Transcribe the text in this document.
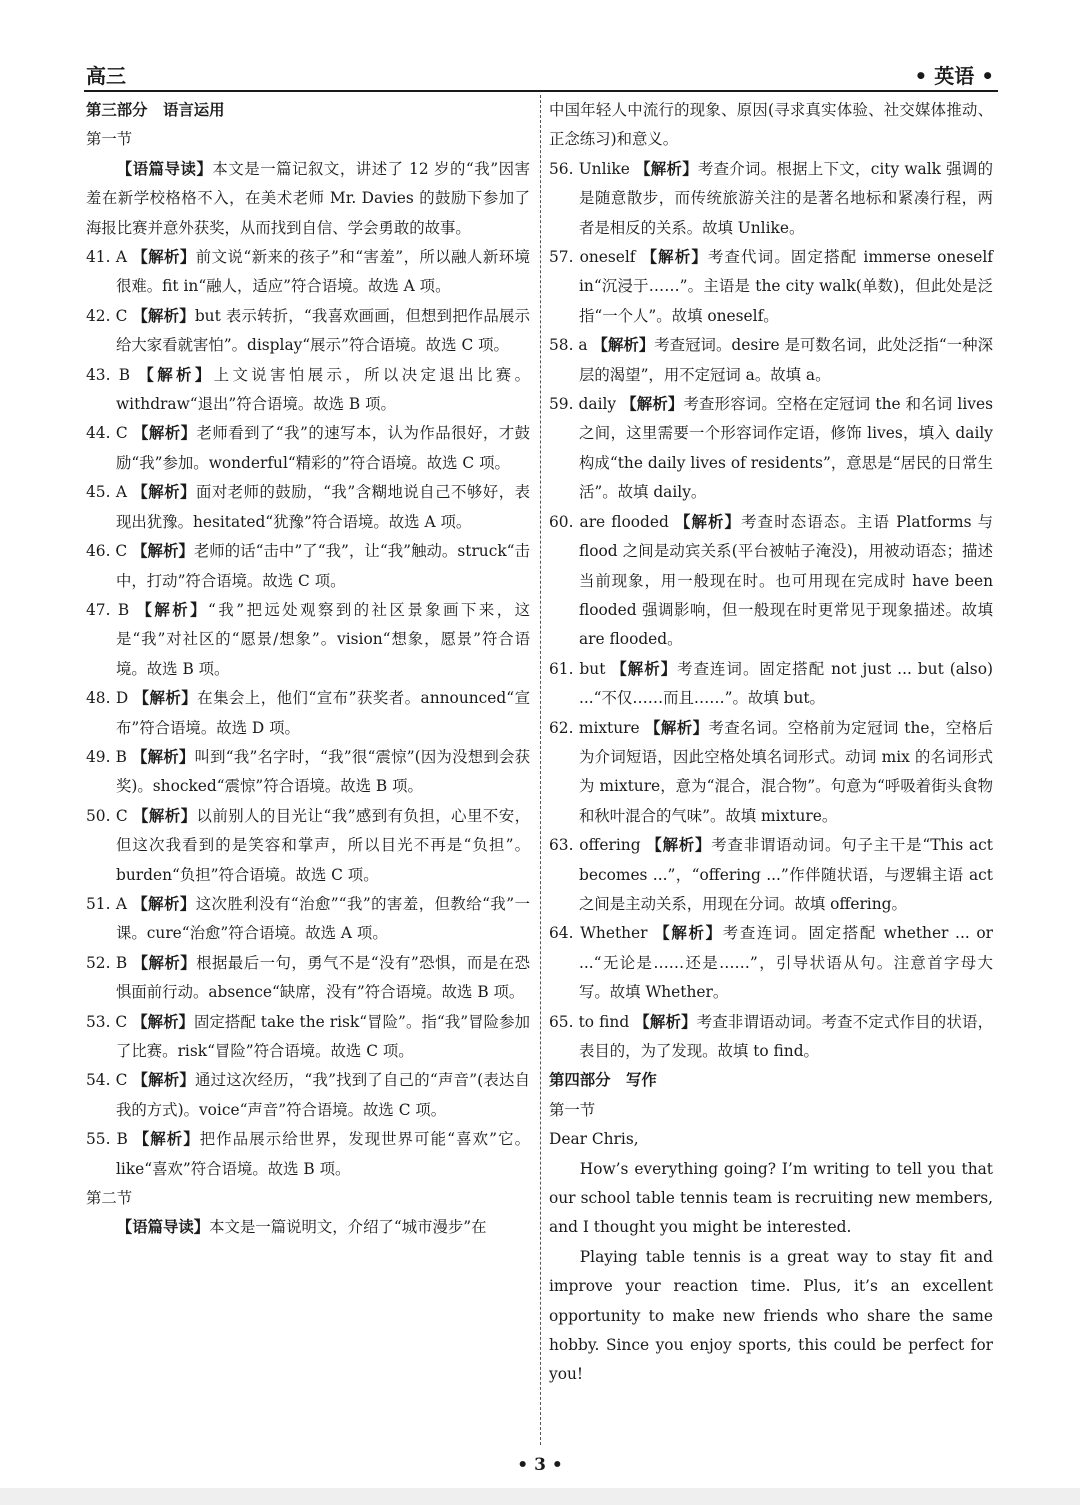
高三	• 英语 •

第三部分　语言运用

第一节

【语篇导读】本文是一篇记叙文，讲述了 12 岁的“我”因害羞在新学校格格不入，在美术老师 Mr. Davies 的鼓励下参加了海报比赛并意外获奖，从而找到自信、学会勇敢的故事。

41. A 【解析】前文说“新来的孩子”和“害羞”，所以融人新环境很难。fit in“融人，适应”符合语境。故选 A 项。

42. C 【解析】but 表示转折，“我喜欢画画，但想到把作品展示给大家看就害怕”。display“展示”符合语境。故选 C 项。

43. B 【解析】上文说害怕展示，所以决定退出比赛。withdraw“退出”符合语境。故选 B 项。

44. C 【解析】老师看到了“我”的速写本，认为作品很好，才鼓励“我”参加。wonderful“精彩的”符合语境。故选 C 项。

45. A 【解析】面对老师的鼓励，“我”含糊地说自己不够好，表现出犹豫。hesitated“犹豫”符合语境。故选 A 项。

46. C 【解析】老师的话“击中”了“我”，让“我”触动。struck“击中，打动”符合语境。故选 C 项。

47. B 【解析】“我”把远处观察到的社区景象画下来，这是“我”对社区的“愿景/想象”。vision“想象，愿景”符合语境。故选 B 项。

48. D 【解析】在集会上，他们“宣布”获奖者。announced“宣布”符合语境。故选 D 项。

49. B 【解析】叫到“我”名字时，“我”很“震惊”(因为没想到会获奖)。shocked“震惊”符合语境。故选 B 项。

50. C 【解析】以前别人的目光让“我”感到有负担，心里不安，但这次我看到的是笑容和掌声，所以目光不再是“负担”。burden“负担”符合语境。故选 C 项。

51. A 【解析】这次胜利没有“治愈”“我”的害羞，但教给“我”一课。cure“治愈”符合语境。故选 A 项。

52. B 【解析】根据最后一句，勇气不是“没有”恐惧，而是在恐惧面前行动。absence“缺席，没有”符合语境。故选 B 项。

53. C 【解析】固定搭配 take the risk“冒险”。指“我”冒险参加了比赛。risk“冒险”符合语境。故选 C 项。

54. C 【解析】通过这次经历，“我”找到了自己的“声音”(表达自我的方式)。voice“声音”符合语境。故选 C 项。

55. B 【解析】把作品展示给世界，发现世界可能“喜欢”它。like“喜欢”符合语境。故选 B 项。

第二节

【语篇导读】本文是一篇说明文，介绍了“城市漫步”在

中国年轻人中流行的现象、原因(寻求真实体验、社交媒体推动、正念练习)和意义。

56. Unlike 【解析】考查介词。根据上下文，city walk 强调的是随意散步，而传统旅游关注的是著名地标和紧凑行程，两者是相反的关系。故填 Unlike。

57. oneself 【解析】考查代词。固定搭配 immerse oneself in“沉浸于……”。主语是 the city walk(单数)，但此处是泛指“一个人”。故填 oneself。

58. a 【解析】考查冠词。desire 是可数名词，此处泛指“一种深层的渴望”，用不定冠词 a。故填 a。

59. daily 【解析】考查形容词。空格在定冠词 the 和名词 lives 之间，这里需要一个形容词作定语，修饰 lives，填入 daily 构成“the daily lives of residents”，意思是“居民的日常生活”。故填 daily。

60. are flooded 【解析】考查时态语态。主语 Platforms 与 flood 之间是动宾关系(平台被帖子淹没)，用被动语态；描述当前现象，用一般现在时。也可用现在完成时 have been flooded 强调影响，但一般现在时更常见于现象描述。故填 are flooded。

61. but 【解析】考查连词。固定搭配 not just ... but (also) ...“不仅……而且……”。故填 but。

62. mixture 【解析】考查名词。空格前为定冠词 the，空格后为介词短语，因此空格处填名词形式。动词 mix 的名词形式为 mixture，意为“混合，混合物”。句意为“呼吸着街头食物和秋叶混合的气味”。故填 mixture。

63. offering 【解析】考查非谓语动词。句子主干是“This act becomes ...”，“offering ...”作伴随状语，与逻辑主语 act 之间是主动关系，用现在分词。故填 offering。

64. Whether 【解析】考查连词。固定搭配 whether ... or ...“无论是……还是……”，引导状语从句。注意首字母大写。故填 Whether。

65. to find 【解析】考查非谓语动词。考查不定式作目的状语，表目的，为了发现。故填 to find。

第四部分　写作

第一节

Dear Chris,

How’s everything going? I’m writing to tell you that our school table tennis team is recruiting new members, and I thought you might be interested.

Playing table tennis is a great way to stay fit and improve your reaction time. Plus, it’s an excellent opportunity to make new friends who share the same hobby. Since you enjoy sports, this could be perfect for you!

• 3 •
